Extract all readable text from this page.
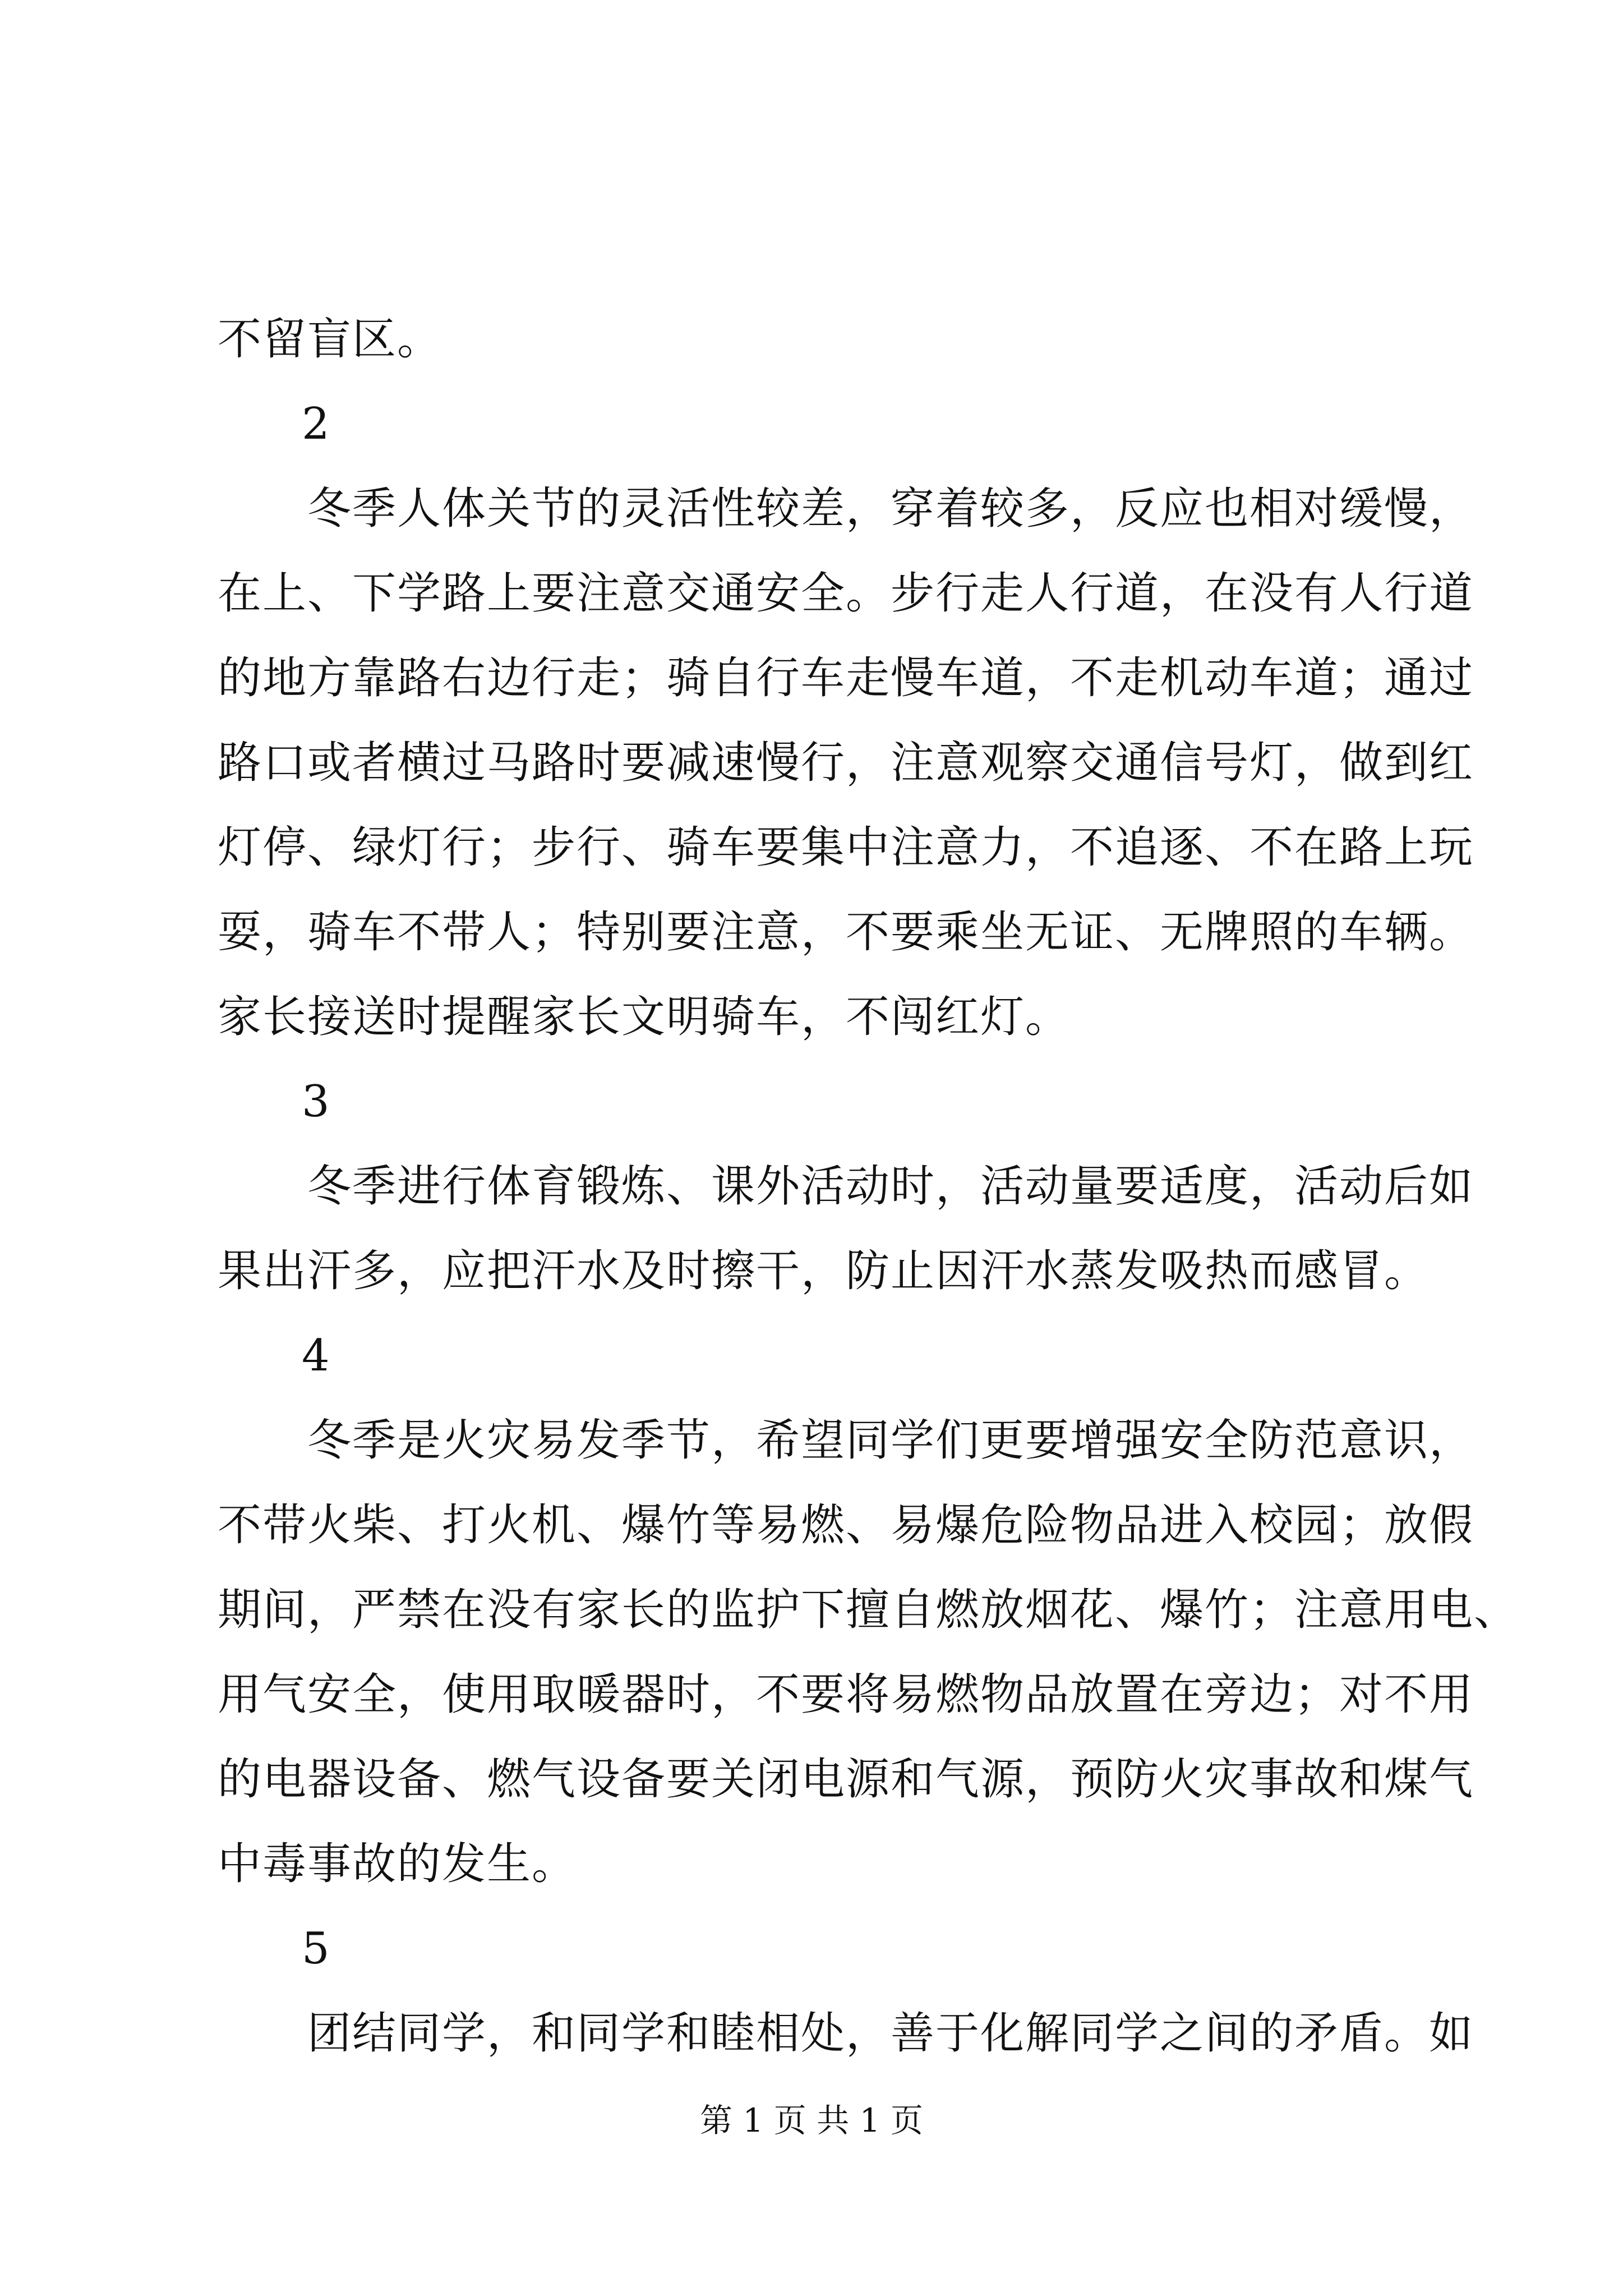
不留盲区。
2
冬季人体关节的灵活性较差，穿着较多，反应也相对缓慢，
在上、下学路上要注意交通安全。步行走人行道，在没有人行道
的地方靠路右边行走；骑自行车走慢车道，不走机动车道；通过
路口或者横过马路时要减速慢行，注意观察交通信号灯，做到红
灯停、绿灯行；步行、骑车要集中注意力，不追逐、不在路上玩
耍，骑车不带人；特别要注意，不要乘坐无证、无牌照的车辆。
家长接送时提醒家长文明骑车，不闯红灯。
3
冬季进行体育锻炼、课外活动时，活动量要适度，活动后如
果出汗多，应把汗水及时擦干，防止因汗水蒸发吸热而感冒。
4
冬季是火灾易发季节，希望同学们更要增强安全防范意识，
不带火柴、打火机、爆竹等易燃、易爆危险物品进入校园；放假
期间，严禁在没有家长的监护下擅自燃放烟花、爆竹；注意用电、
用气安全，使用取暖器时，不要将易燃物品放置在旁边；对不用
的电器设备、燃气设备要关闭电源和气源，预防火灾事故和煤气
中毒事故的发生。
5
团结同学，和同学和睦相处，善于化解同学之间的矛盾。如
第 1 页 共 1 页
